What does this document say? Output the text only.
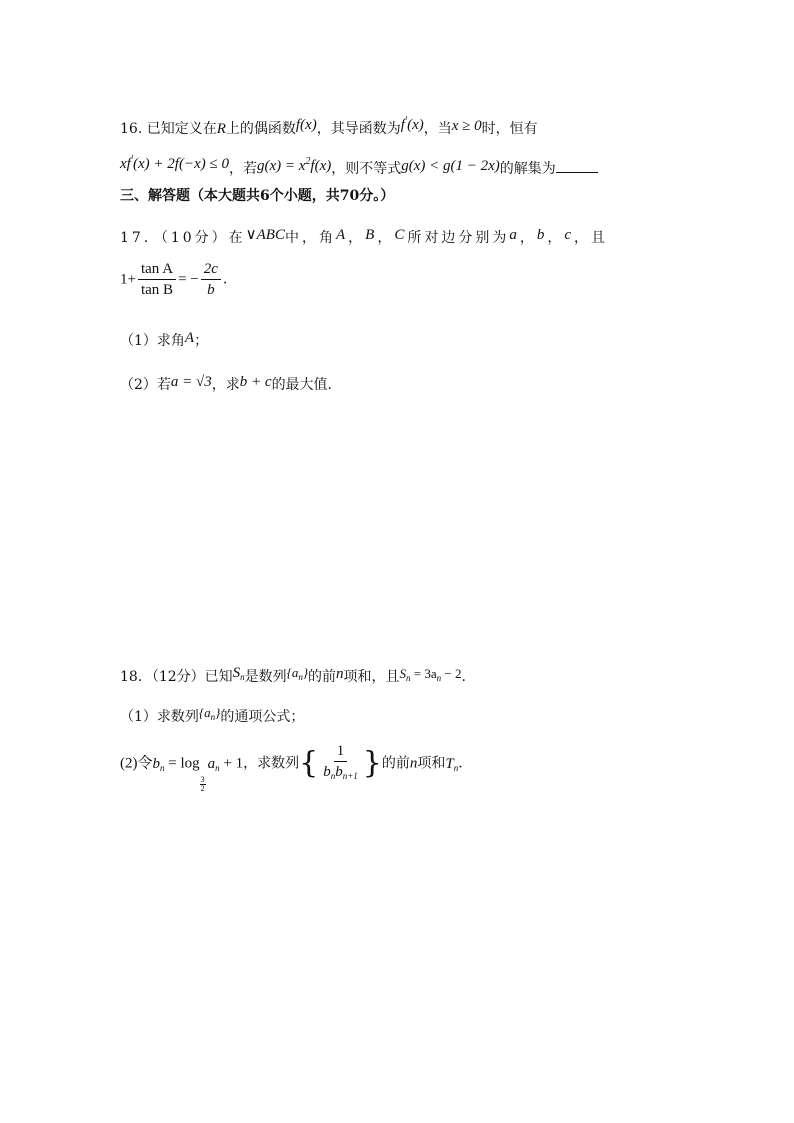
16. 已知定义在R上的偶函数f(x)，其导函数为f′(x)，当x ≥ 0时，恒有
xf′(x) + 2f(−x) ≤ 0，若$g(x) = x^2f(x)$，则不等式g(x) < g(1 − 2x)的解集为
三、解答题（本大题共6个小题，共70分。）
17．（10分）在∨ABC中，角A，B，C所对边分别为a，b，c，且
$1+ \frac{\text{tan A}}{\text{tan B}}$ = − $\frac{2c}{b}$ .
（1）求角A；
（2）若a = √3，求b + c的最大值.
18．（12分）已知$S_n$是数列$\{a_n\}$的前n项和，且$S_n = 3a_n - 2$.
（1）求数列$\{a_n\}$的通项公式；
(2)令$b_n = \log$
$\frac{3}{2}$
$a_n + 1$，求数列{ $\frac{1}{b_nb_{n+1}}$ }的前n项和$T_n$.
